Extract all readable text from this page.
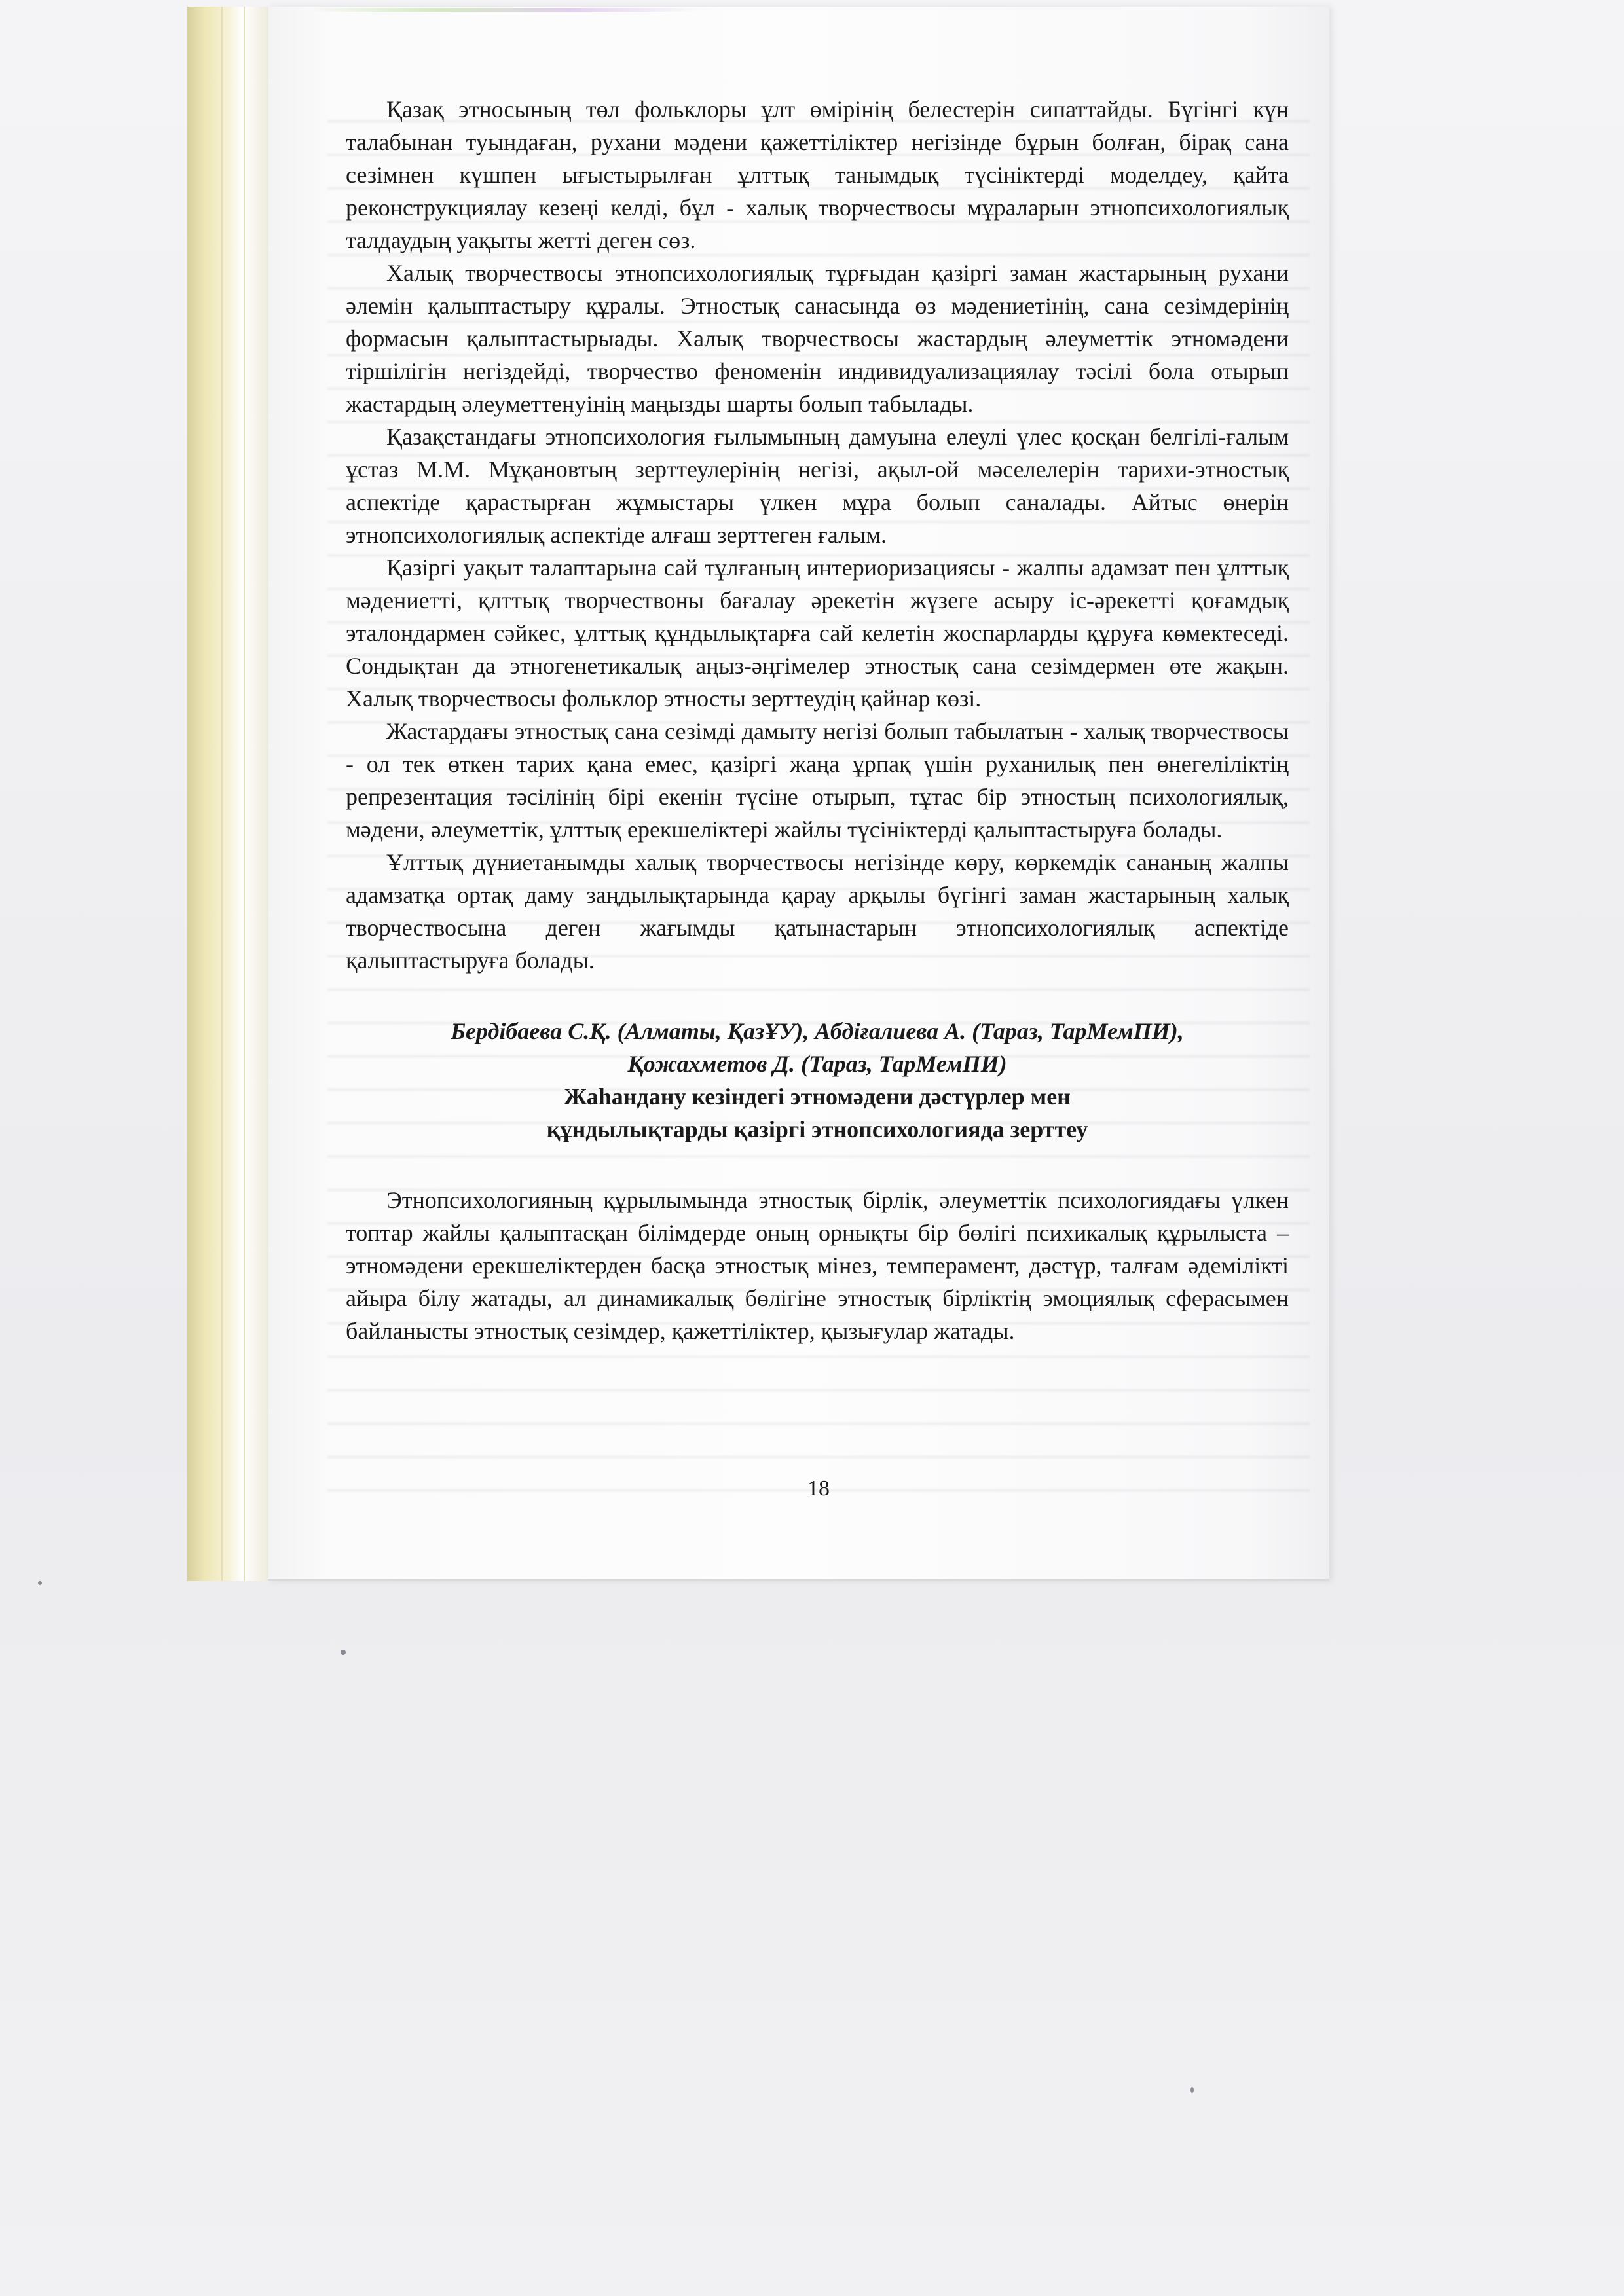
Қазақ этносының төл фольклоры ұлт өмірінің белестерін сипаттайды. Бүгінгі күн талабынан туындаған, рухани мәдени қажеттіліктер негізінде бұрын болған, бірақ сана сезімнен күшпен ығыстырылған ұлттық танымдық түсініктерді моделдеу, қайта реконструкциялау кезеңі келді, бұл - халық творчествосы мұраларын этнопсихологиялық талдаудың уақыты жетті деген сөз.

Халық творчествосы этнопсихологиялық тұрғыдан қазіргі заман жастарының рухани әлемін қалыптастыру құралы. Этностық санасында өз мәдениетінің, сана сезімдерінің формасын қалыптастырыады. Халық творчествосы жастардың әлеуметтік этномәдени тіршілігін негіздейді, творчество феноменін индивидуализациялау тәсілі бола отырып жастардың әлеуметтенуінің маңызды шарты болып табылады.

Қазақстандағы этнопсихология ғылымының дамуына елеулі үлес қосқан белгілі-ғалым ұстаз М.М. Мұқановтың зерттеулерінің негізі, ақыл-ой мәселелерін тарихи-этностық аспектіде қарастырған жұмыстары үлкен мұра болып саналады. Айтыс өнерін этнопсихологиялық аспектіде алғаш зерттеген ғалым.

Қазіргі уақыт талаптарына сай тұлғаның интериоризациясы - жалпы адамзат пен ұлттық мәдениетті, қлттық творчествоны бағалау әрекетін жүзеге асыру іс-әрекетті қоғамдық эталондармен сәйкес, ұлттық құндылықтарға сай келетін жоспарларды құруға көмектеседі. Сондықтан да этногенетикалық аңыз-әңгімелер этностық сана сезімдермен өте жақын. Халық творчествосы фольклор этносты зерттеудің қайнар көзі.

Жастардағы этностық сана сезімді дамыту негізі болып табылатын - халық творчествосы - ол тек өткен тарих қана емес, қазіргі жаңа ұрпақ үшін руханилық пен өнегеліліктің репрезентация тәсілінің бірі екенін түсіне отырып, тұтас бір этностың психологиялық, мәдени, әлеуметтік, ұлттық ерекшеліктері жайлы түсініктерді қалыптастыруға болады.

Ұлттық дүниетанымды халық творчествосы негізінде көру, көркемдік сананың жалпы адамзатқа ортақ даму заңдылықтарында қарау арқылы бүгінгі заман жастарының халық творчествосына деген жағымды қатынастарын этнопсихологиялық аспектіде қалыптастыруға болады.

Бердібаева С.Қ. (Алматы, ҚазҰУ), Абдіғалиева А. (Тараз, ТарМемПИ),

Қожахметов Д. (Тараз, ТарМемПИ)

Жаһандану кезіндегі этномәдени дәстүрлер мен

құндылықтарды қазіргі этнопсихологияда зерттеу

Этнопсихологияның құрылымында этностық бірлік, әлеуметтік психологиядағы үлкен топтар жайлы қалыптасқан білімдерде оның орнықты бір бөлігі психикалық құрылыста – этномәдени ерекшеліктерден басқа этностық мінез, темперамент, дәстүр, талғам әдемілікті айыра білу жатады, ал динамикалық бөлігіне этностық бірліктің эмоциялық сферасымен байланысты этностық сезімдер, қажеттіліктер, қызығулар жатады.

18
